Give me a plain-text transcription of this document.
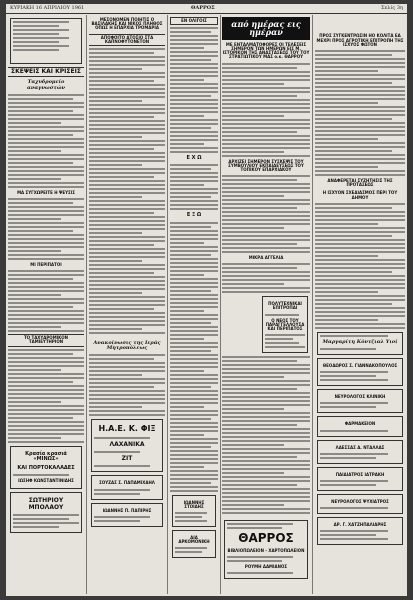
ΚΥΡΙΑΚΗ 16 ΑΠΡΙΛΙΟΥ 1961	ΘΑΡΡΟΣ	Σελίς 3η
ΣΚΕΨΕΙΣ ΚΑΙ ΚΡΙΣΕΙΣ
Ταχυδρομείο αναγνωστών
ΜΑ ΣΥΓΧΩΡΕΙΤΕ Η ΨΕΥΣΙΣ
ΜΙ ΠΕΡΙΠΑΤΟΙ
ΤΟ ΤΑΧΥΔΡΟΜΙΚΟΝ ΤΑΜΙΕΥΤΗΡΙΟΝ
Κρασία κρασιά «ΜΙΝΩΣ»
ΚΑΙ ΠΟΡΤΟΚΑΛΑΔΕΣ
ΙΩΣΗΦ ΚΩΝΣΤΑΝΤΙΝΙΔΗΣ
ΣΩΤΗΡΙΟΥ ΜΠΟΛΑΟΥ
ΜΕΣΟΝΟΜΕΝ ΠΟΙΗΤΙΣ Ο ΒΑΣΙΛΑΚΗΣ ΚΑΙ ΝΙΚΟΣ ΠΛΗΘΟΣ ΟΠΩΣ Η ΕΠΑΡΧΙΑ ΤΡΟΜΑΡΙΑ
ΑΠΟΦΟΙΤΟ ΑΤΟΣΙΟ ΣΤΑ ΚΑΠΝΟΦΥΤΟΝΕΤΟΝ
Ανακοίνωσις της Ιεράς Μητροπόλεως
Η.Α.Ε. Κ. ΦΙΞ
ΛΑΧΑΝΙΚΑ
ΖΙΤ
ΣΟΥΖΑΣ Σ. ΠΑΠΑΜΙΧΑΗΛ
ΙΩΑΝΝΗΣ Π. ΠΑΠΙΡΗΣ
ΕΝ ΟΛΙΓΟΙΣ
Ε Χ Ω
Ε Ξ Ω
ΙΩΑΝΝΗΣ ΣΤΟΙΔΗΣ
ΔΙΑ ΑΡΚΟΜΟΝΙΚΗ
από ημέρας εις ημέραν
ΜΕ ΕΝΤΑΛΜΑΤΟΦΟΡΕΣ ΟΙ ΤΕΛΕΣΕΙΣ ΣΗΜΕΡΟΝ ΤΩΝ ΗΜΕΡΩΝ ΕΙΣ Μ. ΙΣΤΟΡΙΚΟΝ ΤΗΣ ΑΝΑΣΤΑΣΕΩΣ ΤΟΥ ΤΟΥ ΣΤΡΑΤΙΩΤΙΚΟΥ ΜΑΣ ο.κ. ΘΑΡΡΟΥ
ΑΡΧΙΖΕΙ ΣΗΜΕΡΟΝ ΣΥΣΚΕΨΙΣ ΤΟΥ ΣΥΜΒΟΥΛΙΟΥ ΕΚΠΑΙΔΕΥΣΕΩΣ ΤΟΥ ΤΟΠΙΚΟΥ ΕΠΑΡΧΙΑΚΟΥ
ΜΙΚΡΑ ΑΓΓΕΛΙΑ
ΠΟΛΥΤΕΧΝΙΚΑΙ ΕΠΙΤΡΟΠΑΙ
Ο ΝΕΟΣ ΤΟΥ ΠΑΡΑΓΓΕΛΛΟΥΣΑ ΚΑΙ ΠΕΡΙΠΑΤΟΣ
ΘΑΡΡΟΣ
ΒΙΒΛΙΟΠΩΛΕΙΟΝ - ΧΑΡΤΟΠΩΛΕΙΟΝ
ΡΟΥΜΗ ΔΑΜΙΑΝΟΣ
ΠΡΟΣ ΣΥΓΚΕΝΤΡΩΣΙΝ ΗΟ ΚΟΛΙΤΑ ΕΑ ΜΕΧΡΙ ΠΡΟΣ ΑΓΡΟΤΙΚΗ ΕΠΙΤΡΟΠΗ ΤΗΣ ΙΣΧΥΟΣ ΦΩΤΟΝ
ΑΝΑΦΕΡΕΤΑΙ ΣΥΖΗΤΗΣΙΣ ΤΗΣ ΠΡΟΤΑΣΕΩΣ
Η ΙΣΧΥΟΝ ΣΧΕΔΙΑΣΜΟΣ ΠΕΡΙ ΤΟΥ ΔΗΜΟΥ
Μαργαρίτη Κόντζιαλ Υιοί
ΘΕΟΔΩΡΟΣ Σ. ΓΙΑΝΝΑΚΟΠΟΥΛΟΣ
ΝΕΥΡΟΛΟΓΟΣ ΚΛΙΝΙΚΗ
ΦΑΡΜΑΚΕΙΟΝ
ΛΑΕΣΣΑΣ Α. ΝΤΑΛΛΑΣ
ΠΑΙΔΙΑΤΡΟΣ ΙΑΤΡΑΚΗ
ΝΕΥΡΟΛΟΓΟΣ ΨΥΧΙΑΤΡΟΣ
ΔΡ. Γ. ΧΑΤΖΗΠΑΛΙΑΡΗΣ
